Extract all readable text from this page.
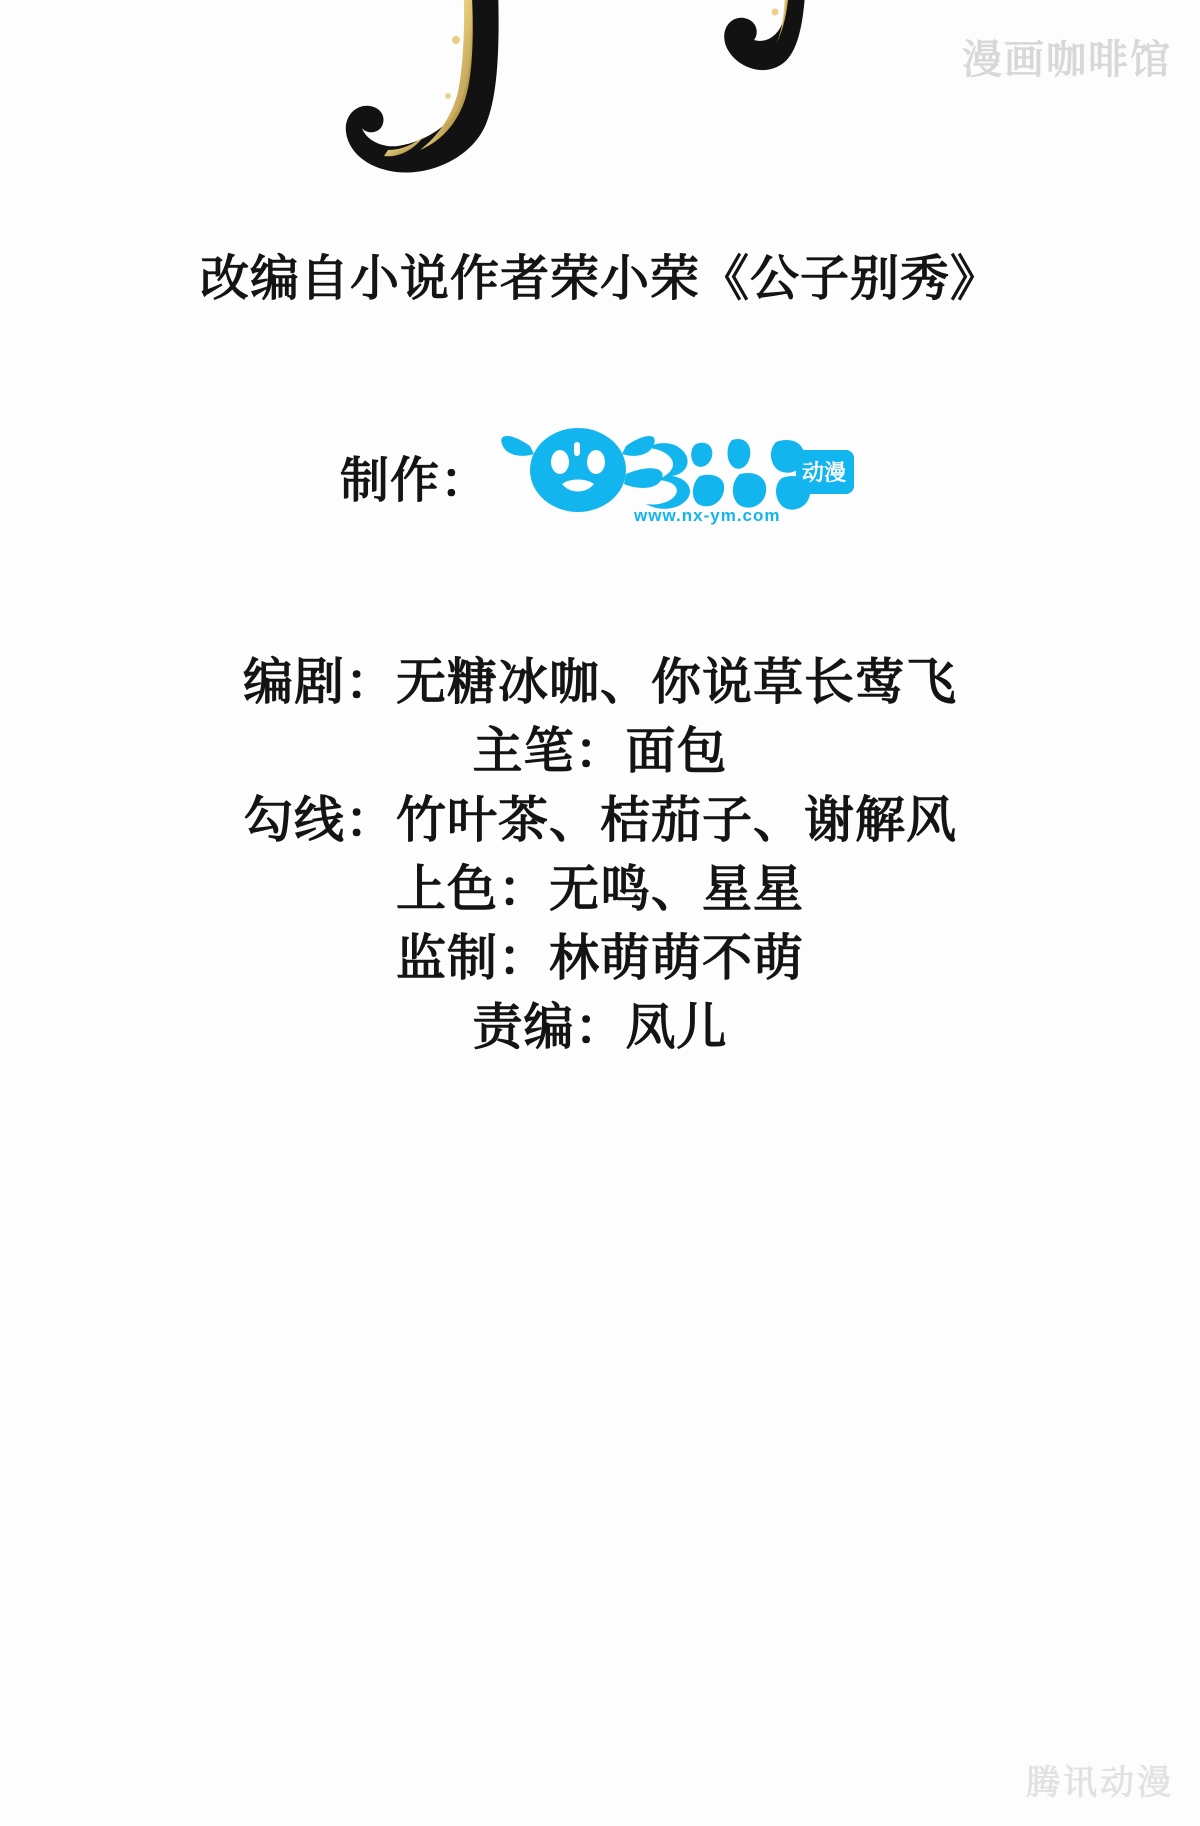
漫画咖啡馆
改编自小说作者荣小荣《公子别秀》
制作：	动漫
www.nx-ym.com
编剧：无糖冰咖、你说草长莺飞
主笔：面包
勾线：竹叶茶、桔茄子、谢解风
上色：无鸣、星星
监制：林萌萌不萌
责编：凤儿
腾讯动漫
